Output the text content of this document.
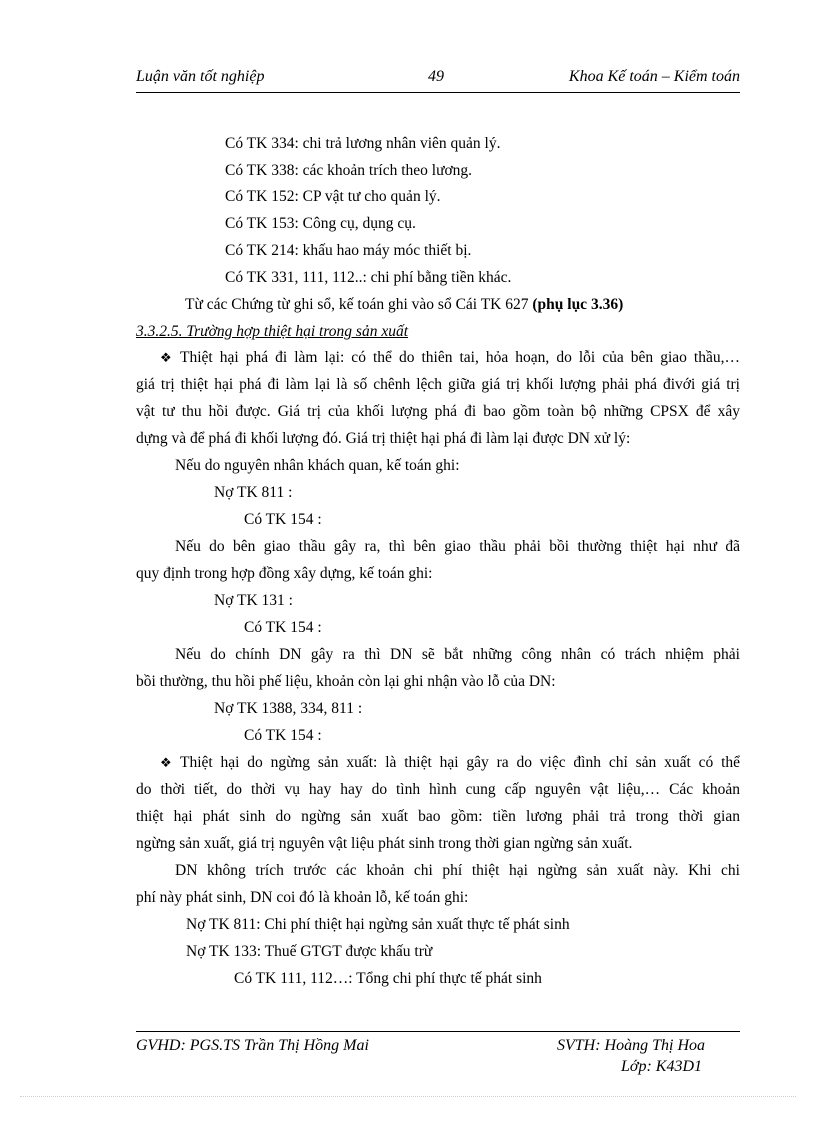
Luận văn tốt nghiệp	49	Khoa Kế toán – Kiểm toán
Có TK 334: chi trả lương nhân viên quản lý.
Có TK 338: các khoản trích theo lương.
Có TK 152: CP vật tư cho quản lý.
Có TK 153: Công cụ, dụng cụ.
Có TK 214: khấu hao máy móc thiết bị.
Có TK 331, 111, 112..: chi phí bằng tiền khác.
Từ các Chứng từ ghi sổ, kế toán ghi vào sổ Cái TK 627 (phụ lục 3.36)
3.3.2.5. Trường hợp thiệt hại trong sản xuất
❖ Thiệt hại phá đi làm lại: có thể do thiên tai, hỏa hoạn, do lỗi của bên giao thầu,…
giá trị thiệt hại phá đi làm lại là số chênh lệch giữa giá trị khối lượng phải phá đivới giá trị
vật tư thu hồi được. Giá trị của khối lượng phá đi bao gồm toàn bộ những CPSX để xây
dựng và để phá đi khối lượng đó. Giá trị thiệt hại phá đi làm lại được DN xử lý:
Nếu do nguyên nhân khách quan, kế toán ghi:
Nợ TK 811 :
Có TK 154 :
Nếu do bên giao thầu gây ra, thì bên giao thầu phải bồi thường thiệt hại như đã
quy định trong hợp đồng xây dựng, kế toán ghi:
Nợ TK 131 :
Có TK 154 :
Nếu do chính DN gây ra thì DN sẽ bắt những công nhân có trách nhiệm phải
bồi thường, thu hồi phế liệu, khoản còn lại ghi nhận vào lỗ của DN:
Nợ TK 1388, 334, 811 :
Có TK 154 :
❖ Thiệt hại do ngừng sản xuất: là thiệt hại gây ra do việc đình chỉ sản xuất có thể
do thời tiết, do thời vụ hay hay do tình hình cung cấp nguyên vật liệu,… Các khoản
thiệt hại phát sinh do ngừng sản xuất bao gồm: tiền lương phải trả trong thời gian
ngừng sản xuất, giá trị nguyên vật liệu phát sinh trong thời gian ngừng sản xuất.
DN không trích trước các khoản chi phí thiệt hại ngừng sản xuất này. Khi chi
phí này phát sinh, DN coi đó là khoản lỗ, kế toán ghi:
Nợ TK 811: Chi phí thiệt hại ngừng sản xuất thực tế phát sinh
Nợ TK 133: Thuế GTGT được khấu trừ
Có TK 111, 112…: Tổng chi phí thực tế phát sinh
GVHD: PGS.TS Trần Thị Hồng Mai	SVTH: Hoàng Thị Hoa
Lớp: K43D1
